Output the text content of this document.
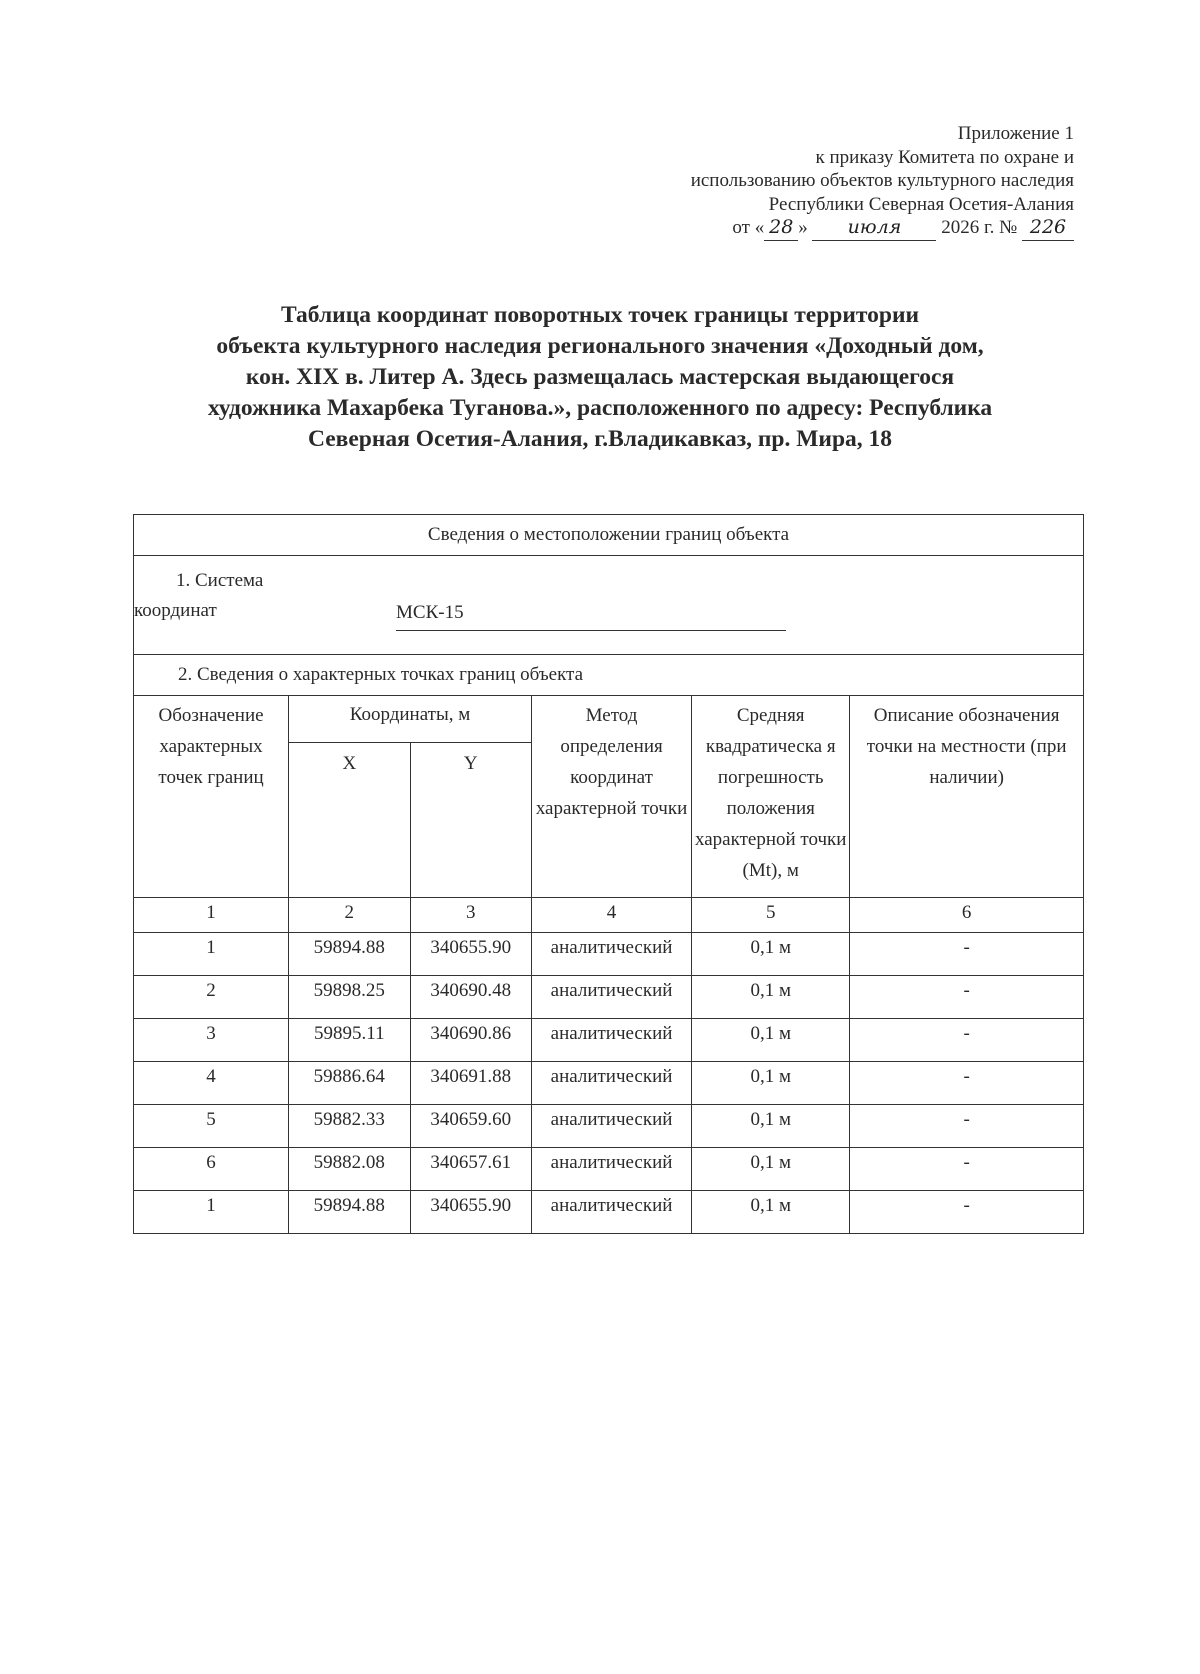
Приложение 1
к приказу Комитета по охране и
использованию объектов культурного наследия
Республики Северная Осетия-Алания
от « 28 » июля 2026 г. № 226
Таблица координат поворотных точек границы территории
объекта культурного наследия регионального значения «Доходный дом,
кон. XIX в. Литер А. Здесь размещалась мастерская выдающегося
художника Махарбека Туганова.», расположенного по адресу: Республика
Северная Осетия-Алания, г.Владикавказ, пр. Мира, 18
Сведения о местоположении границ объекта					

1. Система
координат МСК-15					

2. Сведения о характерных точках границ объекта					
Обозначение характерных точек границ	Координаты, м		Метод определения координат характерной точки	Средняя квадратическа я погрешность положения характерной точки (Mt), м	Описание обозначения точки на местности (при наличии)
	X	Y			
1	2	3	4	5	6
1	59894.88	340655.90	аналитический	0,1 м	-
2	59898.25	340690.48	аналитический	0,1 м	-
3	59895.11	340690.86	аналитический	0,1 м	-
4	59886.64	340691.88	аналитический	0,1 м	-
5	59882.33	340659.60	аналитический	0,1 м	-
6	59882.08	340657.61	аналитический	0,1 м	-
1	59894.88	340655.90	аналитический	0,1 м	-
